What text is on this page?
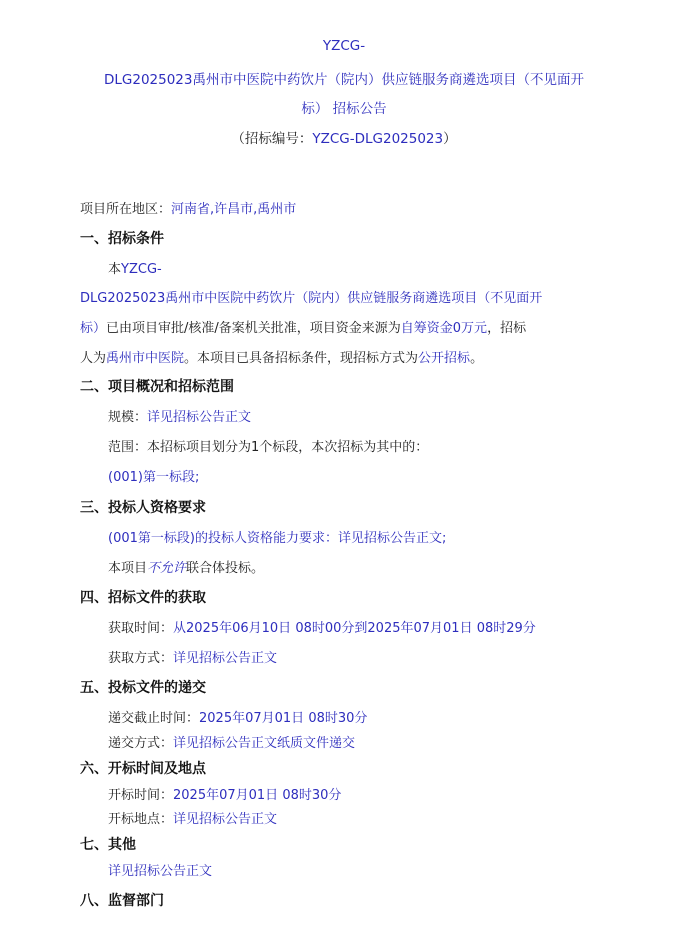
YZCG-
DLG2025023禹州市中医院中药饮片（院内）供应链服务商遴选项目（不见面开
标） 招标公告
（招标编号：YZCG-DLG2025023）
项目所在地区：河南省,许昌市,禹州市
一、招标条件
本YZCG-
DLG2025023禹州市中医院中药饮片（院内）供应链服务商遴选项目（不见面开
标）已由项目审批/核准/备案机关批准，项目资金来源为自筹资金0万元，招标
人为禹州市中医院。本项目已具备招标条件，现招标方式为公开招标。
二、项目概况和招标范围
规模：详见招标公告正文
范围：本招标项目划分为1个标段，本次招标为其中的：
(001)第一标段;
三、投标人资格要求
(001第一标段)的投标人资格能力要求：详见招标公告正文;
本项目不允许联合体投标。
四、招标文件的获取
获取时间：从2025年06月10日 08时00分到2025年07月01日 08时29分
获取方式：详见招标公告正文
五、投标文件的递交
递交截止时间：2025年07月01日 08时30分
递交方式：详见招标公告正文纸质文件递交
六、开标时间及地点
开标时间：2025年07月01日 08时30分
开标地点：详见招标公告正文
七、其他
详见招标公告正文
八、监督部门
